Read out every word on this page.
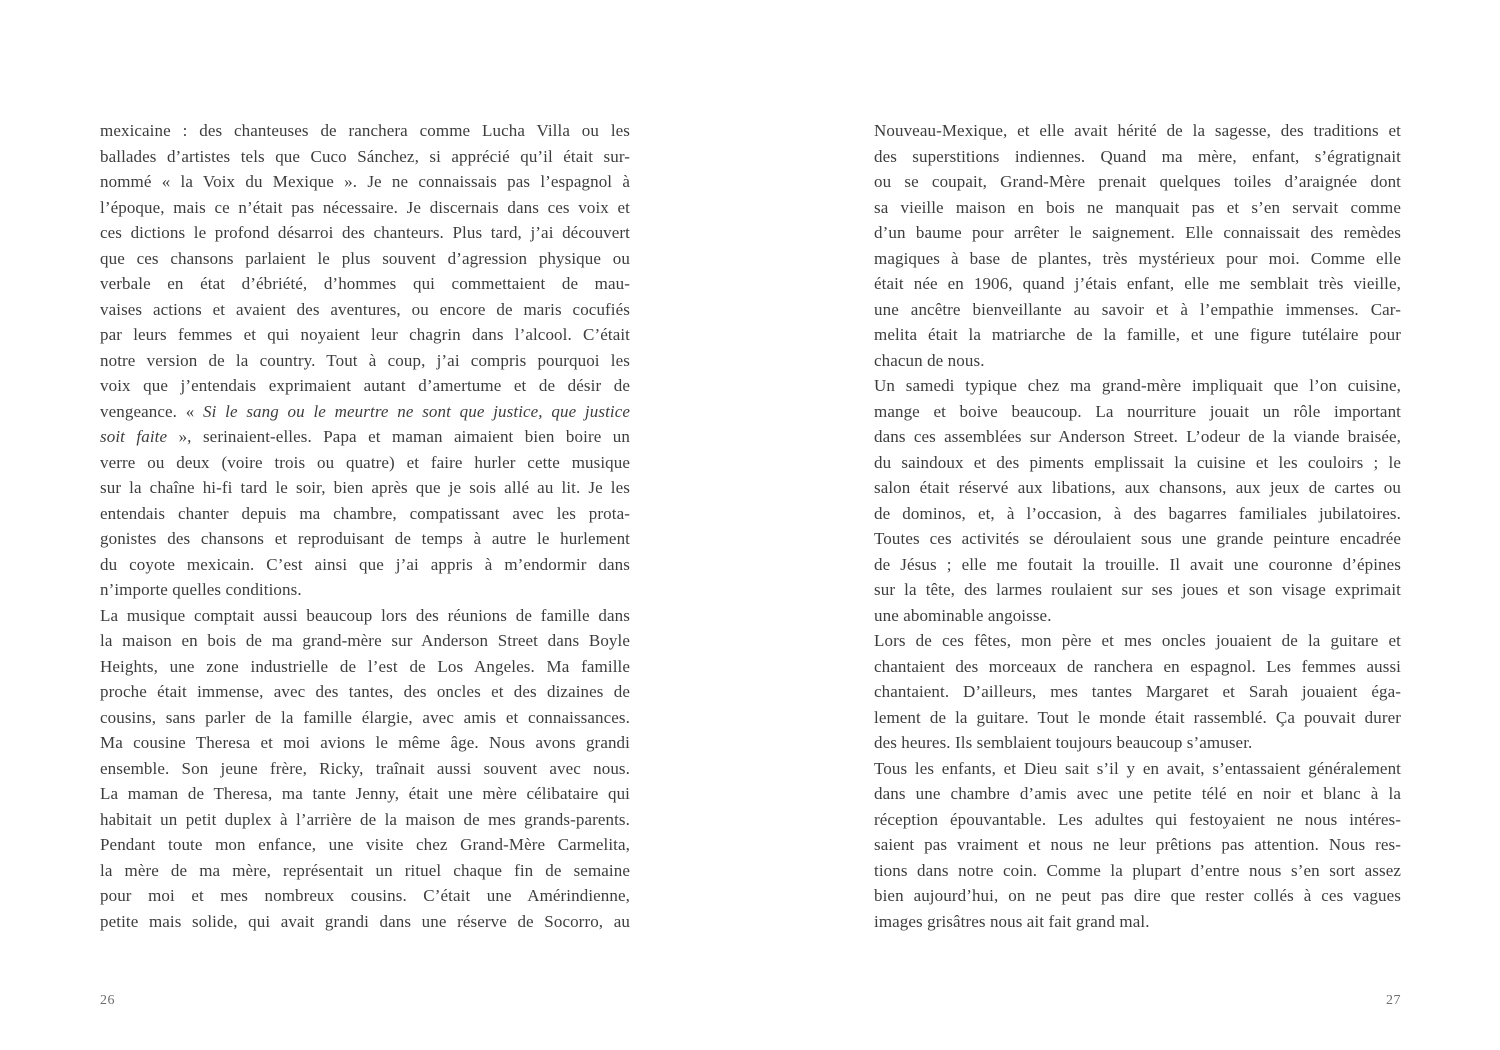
mexicaine : des chanteuses de ranchera comme Lucha Villa ou les
ballades d’artistes tels que Cuco Sánchez, si apprécié qu’il était sur-
nommé « la Voix du Mexique ». Je ne connaissais pas l’espagnol à
l’époque, mais ce n’était pas nécessaire. Je discernais dans ces voix et
ces dictions le profond désarroi des chanteurs. Plus tard, j’ai découvert
que ces chansons parlaient le plus souvent d’agression physique ou
verbale en état d’ébriété, d’hommes qui commettaient de mau-
vaises actions et avaient des aventures, ou encore de maris cocufiés
par leurs femmes et qui noyaient leur chagrin dans l’alcool. C’était
notre version de la country. Tout à coup, j’ai compris pourquoi les
voix que j’entendais exprimaient autant d’amertume et de désir de
vengeance. « Si le sang ou le meurtre ne sont que justice, que justice
soit faite », serinaient-elles. Papa et maman aimaient bien boire un
verre ou deux (voire trois ou quatre) et faire hurler cette musique
sur la chaîne hi-fi tard le soir, bien après que je sois allé au lit. Je les
entendais chanter depuis ma chambre, compatissant avec les prota-
gonistes des chansons et reproduisant de temps à autre le hurlement
du coyote mexicain. C’est ainsi que j’ai appris à m’endormir dans
n’importe quelles conditions.
La musique comptait aussi beaucoup lors des réunions de famille dans
la maison en bois de ma grand-mère sur Anderson Street dans Boyle
Heights, une zone industrielle de l’est de Los Angeles. Ma famille
proche était immense, avec des tantes, des oncles et des dizaines de
cousins, sans parler de la famille élargie, avec amis et connaissances.
Ma cousine Theresa et moi avions le même âge. Nous avons grandi
ensemble. Son jeune frère, Ricky, traînait aussi souvent avec nous.
La maman de Theresa, ma tante Jenny, était une mère célibataire qui
habitait un petit duplex à l’arrière de la maison de mes grands-parents.
Pendant toute mon enfance, une visite chez Grand-Mère Carmelita,
la mère de ma mère, représentait un rituel chaque fin de semaine
pour moi et mes nombreux cousins. C’était une Amérindienne,
petite mais solide, qui avait grandi dans une réserve de Socorro, au
26
Nouveau-Mexique, et elle avait hérité de la sagesse, des traditions et
des superstitions indiennes. Quand ma mère, enfant, s’égratignait
ou se coupait, Grand-Mère prenait quelques toiles d’araignée dont
sa vieille maison en bois ne manquait pas et s’en servait comme
d’un baume pour arrêter le saignement. Elle connaissait des remèdes
magiques à base de plantes, très mystérieux pour moi. Comme elle
était née en 1906, quand j’étais enfant, elle me semblait très vieille,
une ancêtre bienveillante au savoir et à l’empathie immenses. Car-
melita était la matriarche de la famille, et une figure tutélaire pour
chacun de nous.
Un samedi typique chez ma grand-mère impliquait que l’on cuisine,
mange et boive beaucoup. La nourriture jouait un rôle important
dans ces assemblées sur Anderson Street. L’odeur de la viande braisée,
du saindoux et des piments emplissait la cuisine et les couloirs ; le
salon était réservé aux libations, aux chansons, aux jeux de cartes ou
de dominos, et, à l’occasion, à des bagarres familiales jubilatoires.
Toutes ces activités se déroulaient sous une grande peinture encadrée
de Jésus ; elle me foutait la trouille. Il avait une couronne d’épines
sur la tête, des larmes roulaient sur ses joues et son visage exprimait
une abominable angoisse.
Lors de ces fêtes, mon père et mes oncles jouaient de la guitare et
chantaient des morceaux de ranchera en espagnol. Les femmes aussi
chantaient. D’ailleurs, mes tantes Margaret et Sarah jouaient éga-
lement de la guitare. Tout le monde était rassemblé. Ça pouvait durer
des heures. Ils semblaient toujours beaucoup s’amuser.
Tous les enfants, et Dieu sait s’il y en avait, s’entassaient généralement
dans une chambre d’amis avec une petite télé en noir et blanc à la
réception épouvantable. Les adultes qui festoyaient ne nous intéres-
saient pas vraiment et nous ne leur prêtions pas attention. Nous res-
tions dans notre coin. Comme la plupart d’entre nous s’en sort assez
bien aujourd’hui, on ne peut pas dire que rester collés à ces vagues
images grisâtres nous ait fait grand mal.
27
